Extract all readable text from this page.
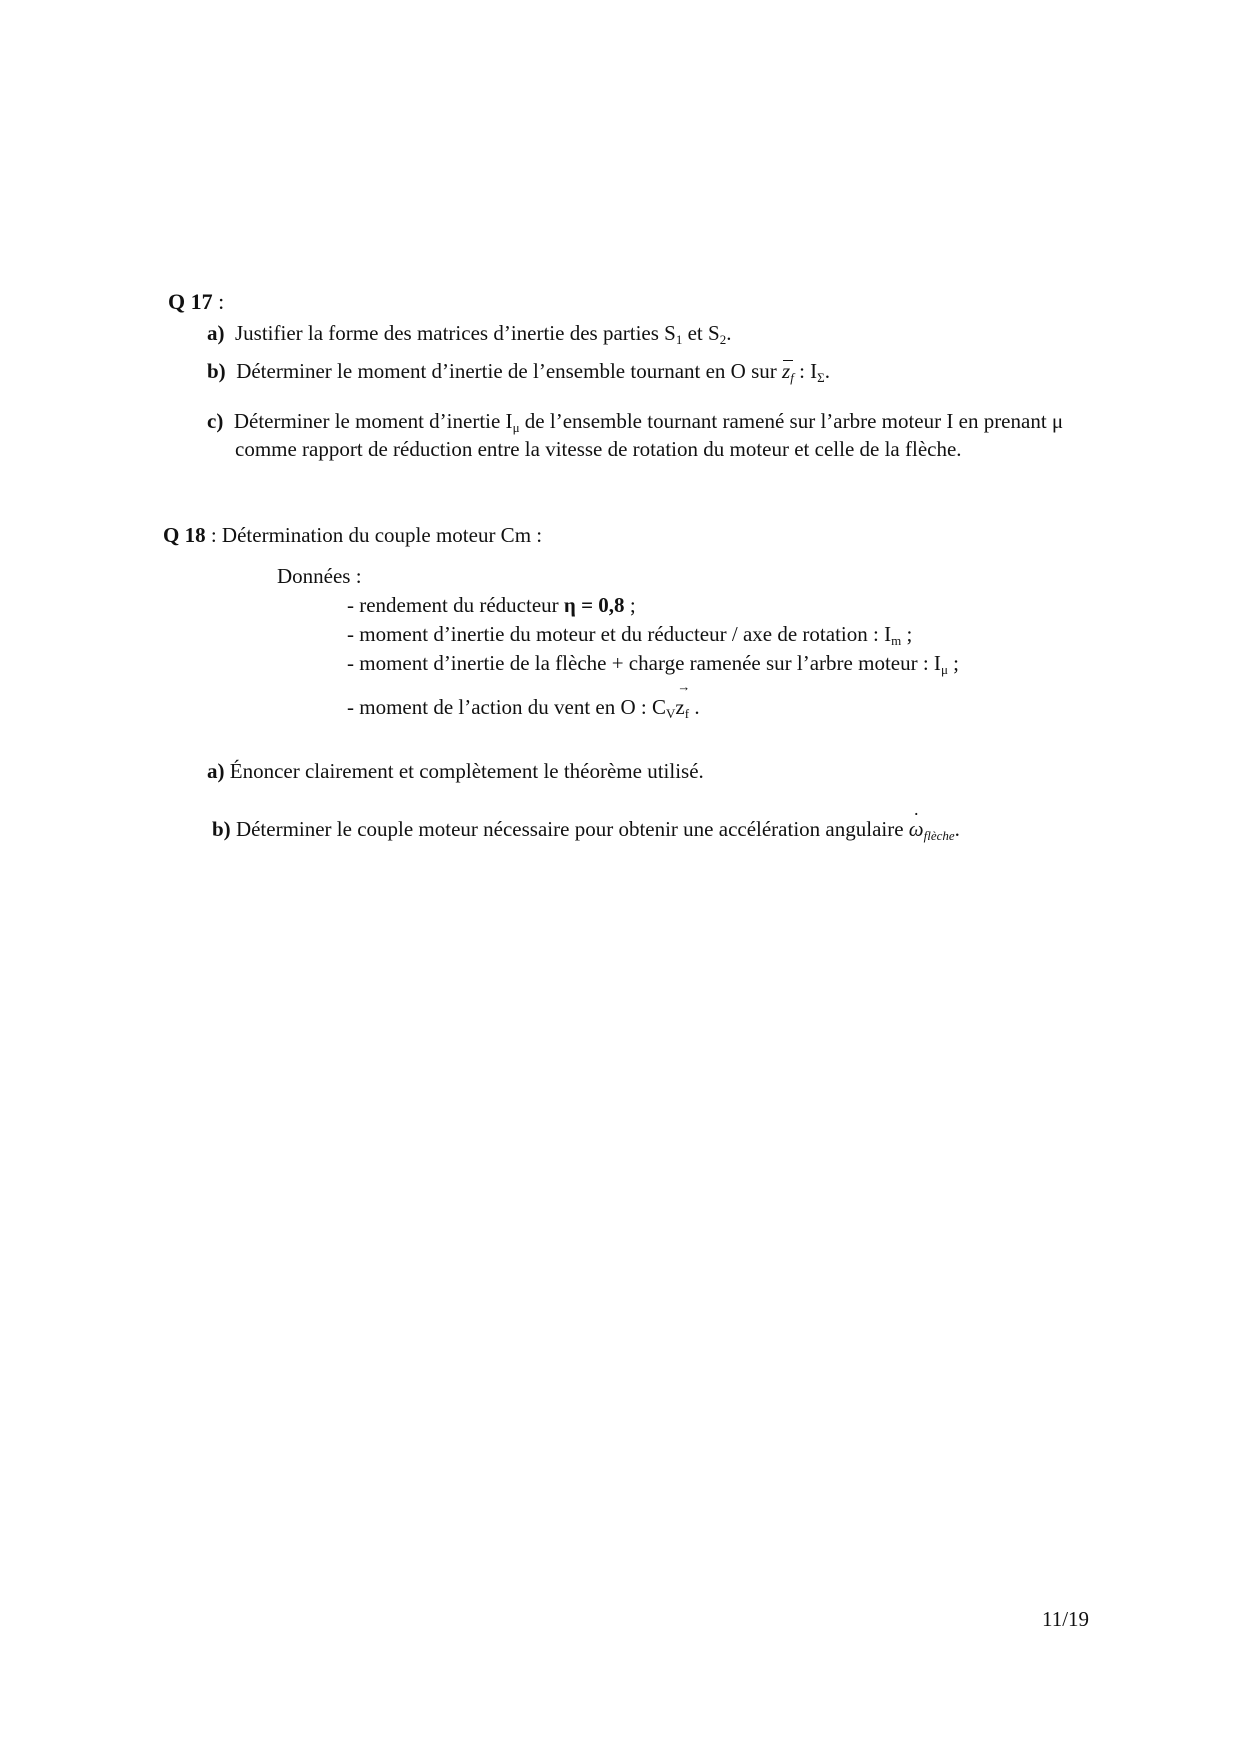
Q 17 :
a) Justifier la forme des matrices d’inertie des parties $S_1$ et $S_2$.
b) Déterminer le moment d’inertie de l’ensemble tournant en O sur $z_f$ : $I_\Sigma$.
c) Déterminer le moment d’inertie $I_\mu$ de l’ensemble tournant ramené sur l’arbre moteur I en prenant μ comme rapport de réduction entre la vitesse de rotation du moteur et celle de la flèche.
Q 18 : Détermination du couple moteur Cm :
Données :
- rendement du réducteur η = 0,8 ;
- moment d’inertie du moteur et du réducteur / axe de rotation : $I_m$ ;
- moment d’inertie de la flèche + charge ramenée sur l’arbre moteur : $I_\mu$ ;
- moment de l’action du vent en O : $C_V$
→
$z_f$ .
a) Énoncer clairement et complètement le théorème utilisé.
b) Déterminer le couple moteur nécessaire pour obtenir une accélération angulaire · $\omega_{flèche}$.
11/19
